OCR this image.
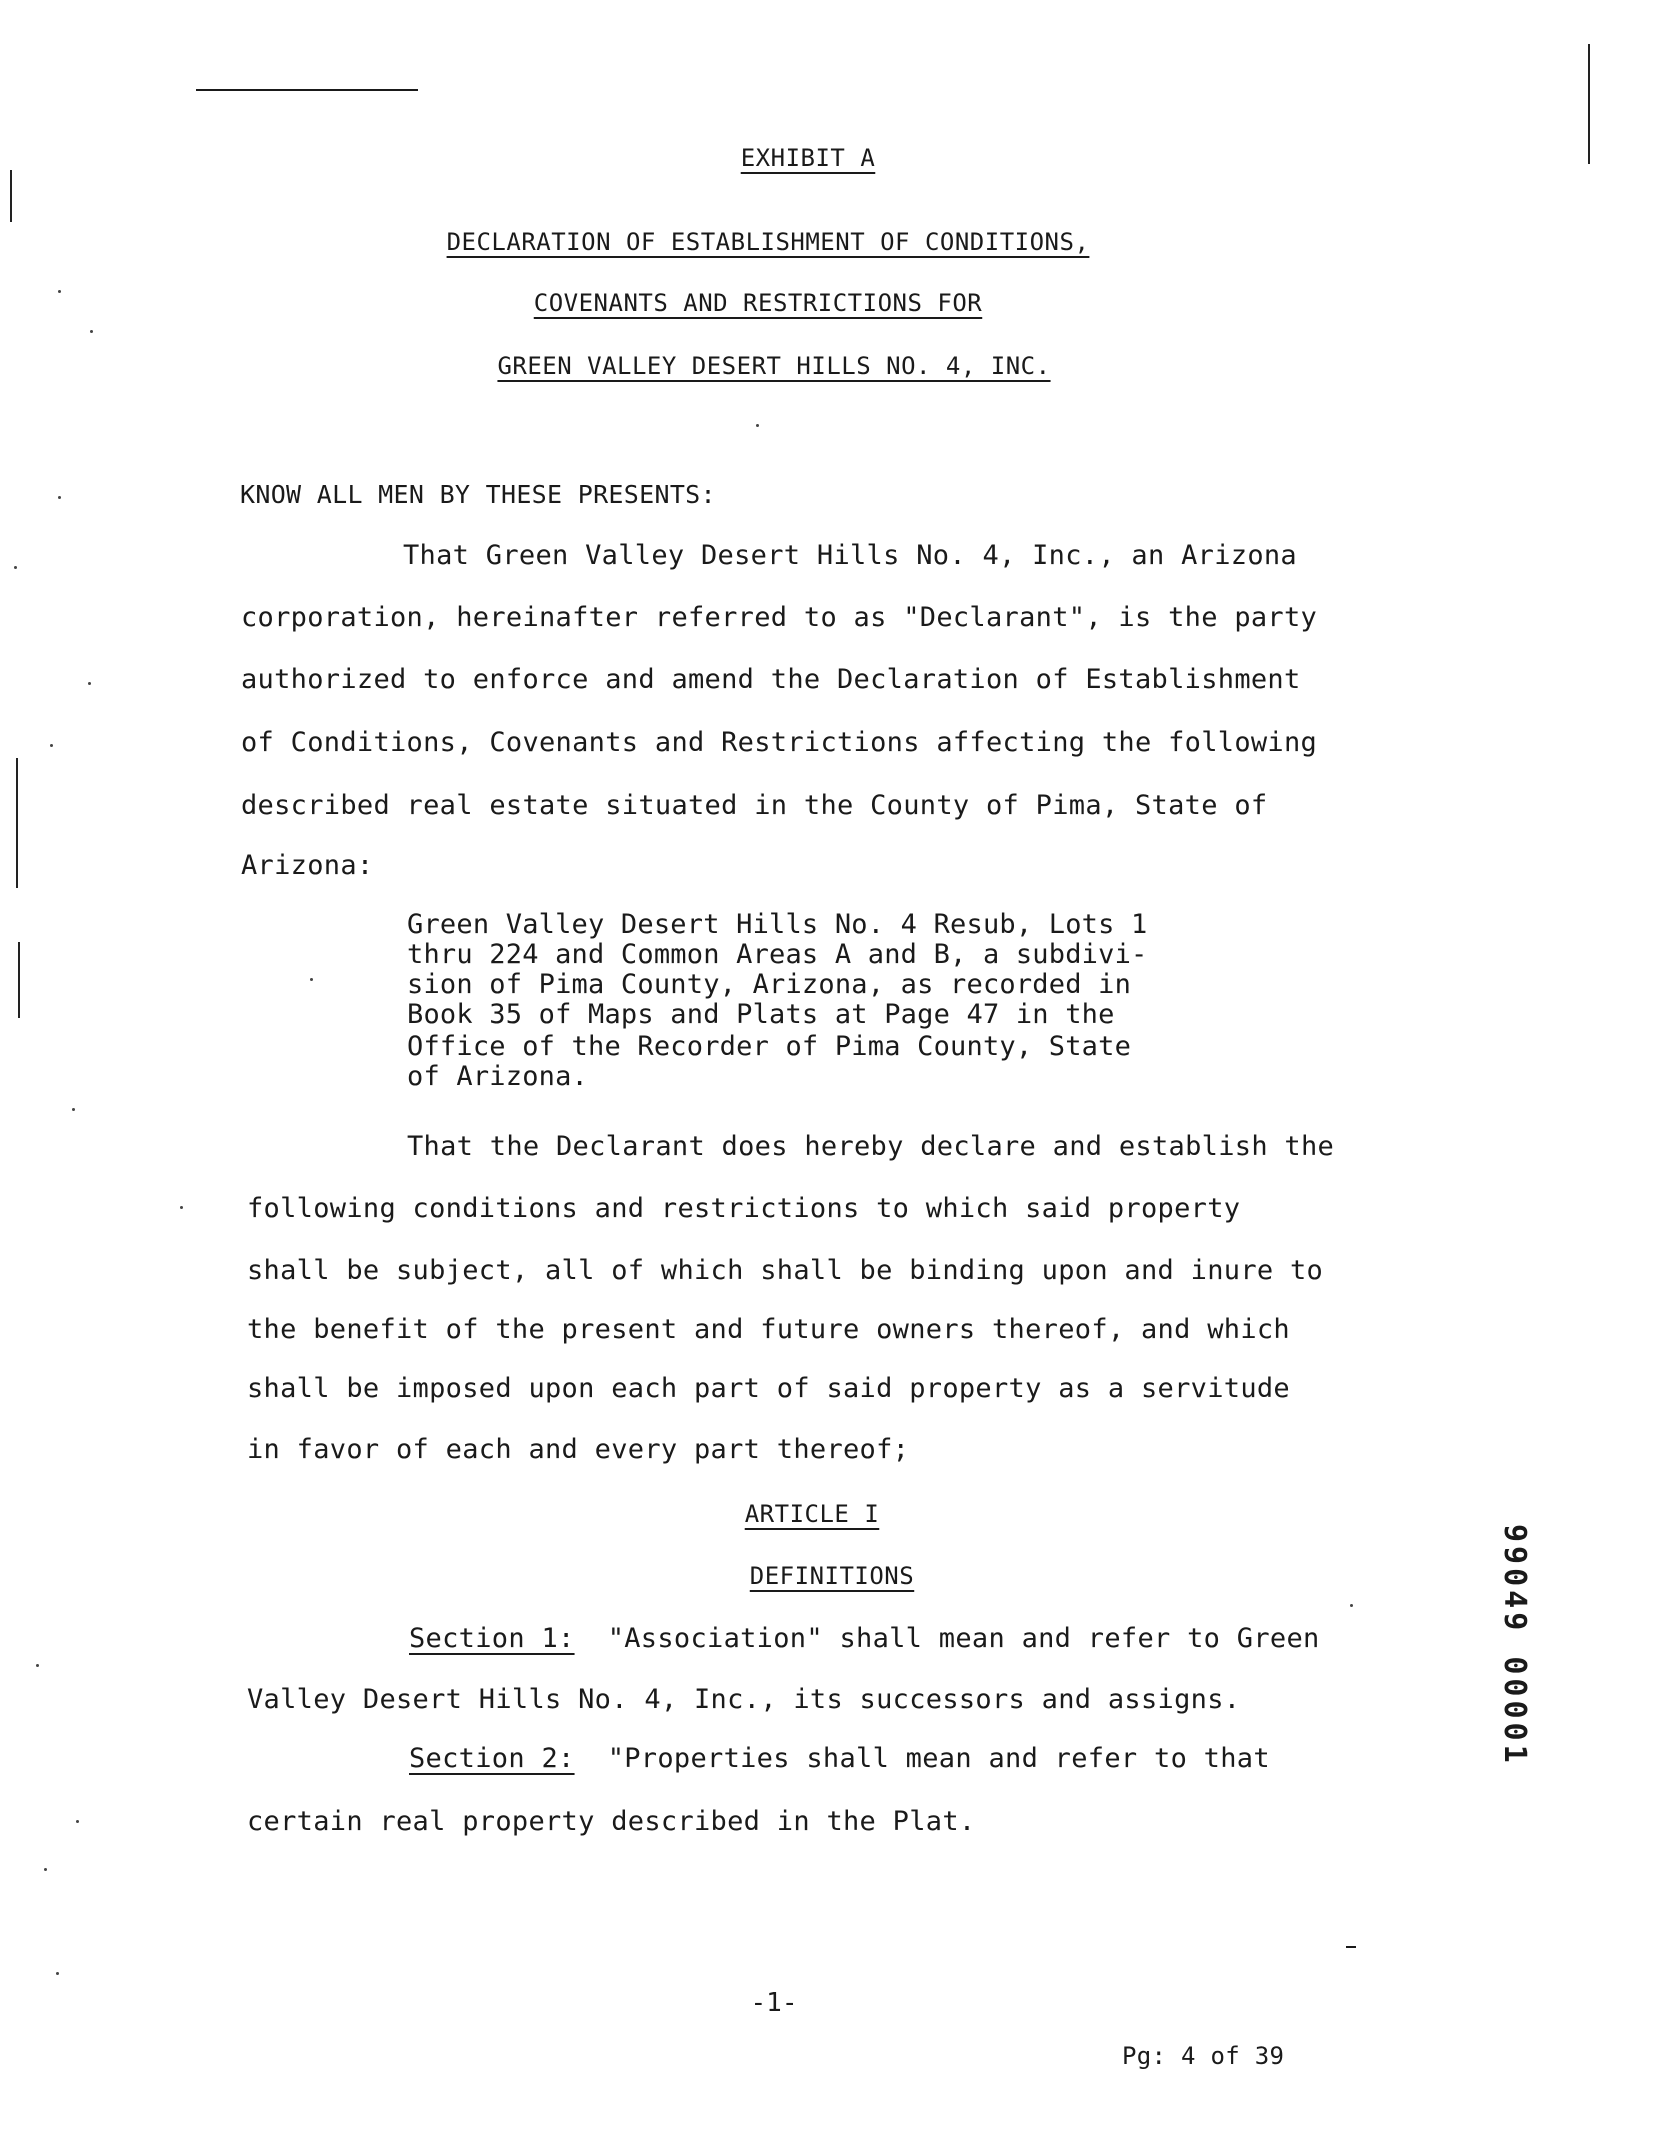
EXHIBIT A
DECLARATION OF ESTABLISHMENT OF CONDITIONS,
COVENANTS AND RESTRICTIONS FOR
GREEN VALLEY DESERT HILLS NO. 4, INC.
KNOW ALL MEN BY THESE PRESENTS:
That Green Valley Desert Hills No. 4, Inc., an Arizona
corporation, hereinafter referred to as "Declarant", is the party
authorized to enforce and amend the Declaration of Establishment
of Conditions, Covenants and Restrictions affecting the following
described real estate situated in the County of Pima, State of
Arizona:
Green Valley Desert Hills No. 4 Resub, Lots 1
thru 224 and Common Areas A and B, a subdivi-
sion of Pima County, Arizona, as recorded in
Book 35 of Maps and Plats at Page 47 in the
Office of the Recorder of Pima County, State
of Arizona.
That the Declarant does hereby declare and establish the
following conditions and restrictions to which said property
shall be subject, all of which shall be binding upon and inure to
the benefit of the present and future owners thereof, and which
shall be imposed upon each part of said property as a servitude
in favor of each and every part thereof;
ARTICLE I
DEFINITIONS
Section 1: "Association" shall mean and refer to Green
Valley Desert Hills No. 4, Inc., its successors and assigns.
Section 2: "Properties shall mean and refer to that
certain real property described in the Plat.
-1-
Pg: 4 of 39
99049 00001
